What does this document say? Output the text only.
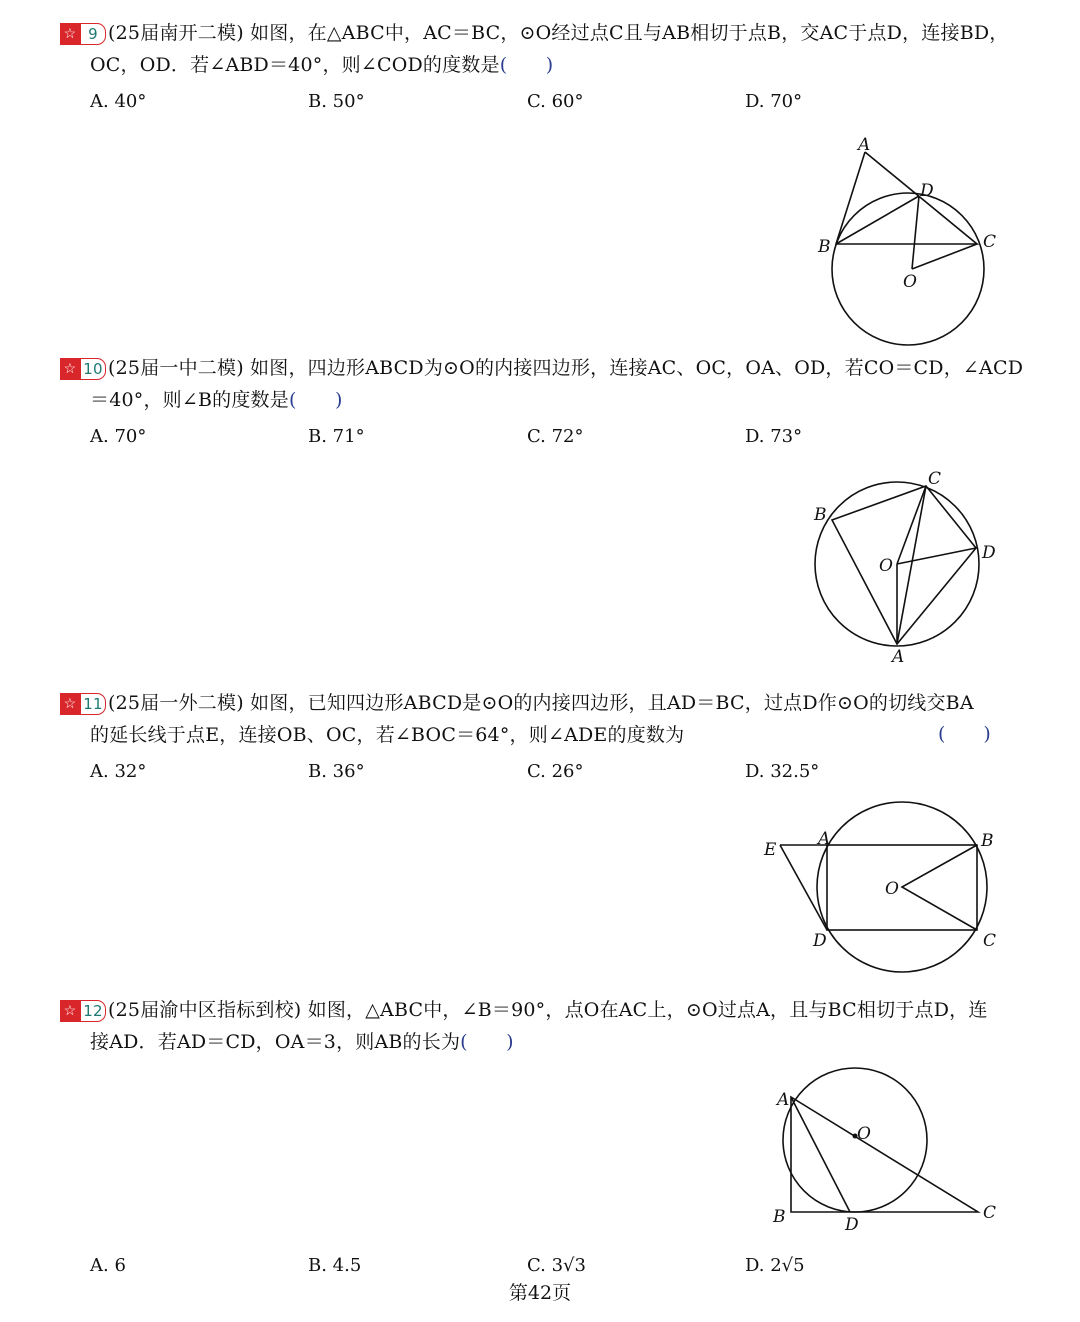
☆ 9 (25届南开二模) 如图，在△ABC中，AC＝BC，⊙O经过点C且与AB相切于点B，交AC于点D，连接BD，
OC，OD．若∠ABD＝40°，则∠COD的度数是(　　)
A. 40°	B. 50°	C. 60°	D. 70°
A
B	C
D
O
☆ 10 (25届一中二模) 如图，四边形ABCD为⊙O的内接四边形，连接AC、OC，OA、OD，若CO＝CD，∠ACD
＝40°，则∠B的度数是(　　)
A. 70°	B. 71°	C. 72°	D. 73°
C
B
D
O
A
☆ 11 (25届一外二模) 如图，已知四边形ABCD是⊙O的内接四边形，且AD＝BC，过点D作⊙O的切线交BA
的延长线于点E，连接OB、OC，若∠BOC＝64°，则∠ADE的度数为	(　　)
A. 32°	B. 36°	C. 26°	D. 32.5°
E
A	B
O
D	C
☆ 12 (25届渝中区指标到校) 如图，△ABC中，∠B＝90°，点O在AC上，⊙O过点A，且与BC相切于点D，连
接AD．若AD＝CD，OA＝3，则AB的长为(　　)
A
O
B	D
C
A. 6	B. 4.5	C. 3√3	D. 2√5
第42页
